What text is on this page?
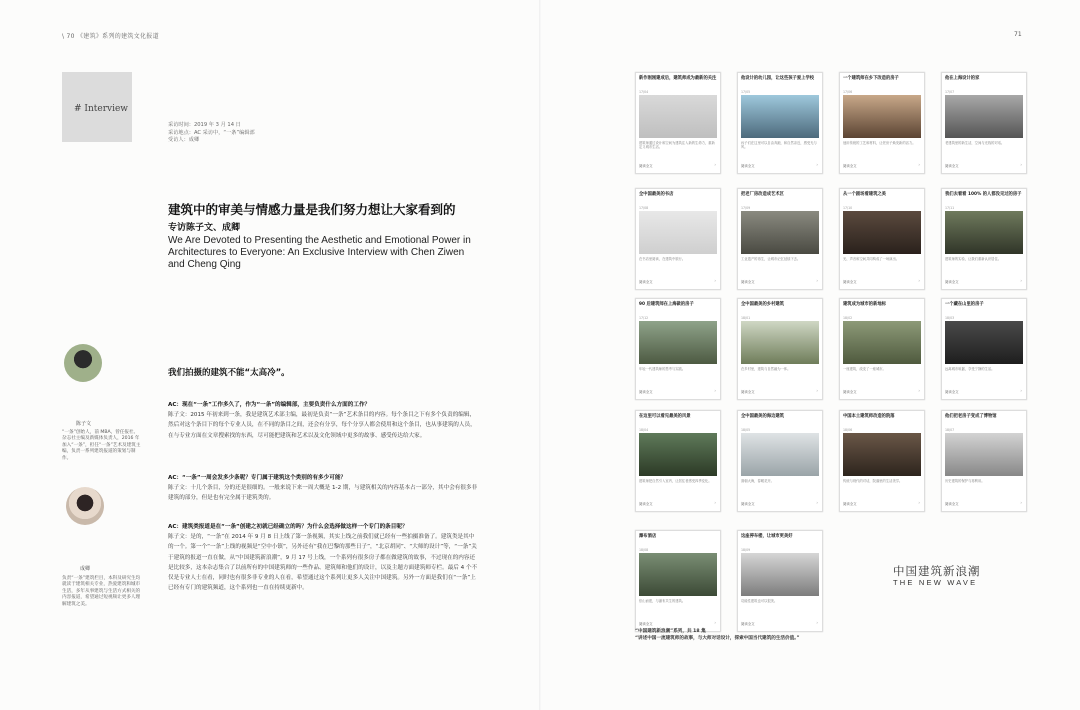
\ 70 《建筑》系列的建筑文化报道
# Interview
采访时间：2019 年 3 月 14 日
采访地点：AC 采访中，“一条”编辑部
受访人：成卿
建筑中的审美与情感力量是我们努力想让大家看到的
专访陈子文、成卿
We Are Devoted to Presenting the Aesthetic and Emotional Power in Architectures to Everyone: An Exclusive Interview with Chen Ziwen and Cheng Qing
陈子文
“一条”创始人，前 MBA，曾任报社、杂志社主编及新媒体负责人，2016 年加入“一条”，担任“一条”艺术及建筑主编，负责一系列建筑报道的策划与制作。
成卿
负责“一条”建筑栏目，本科及研究生均就读于建筑相关专业，热爱建筑和城市生活，多年从事建筑与生活方式相关的内容报道，希望通过短视频让更多人理解建筑之美。
我们拍摄的建筑不能“太高冷”。

AC：现在“一条”工作多久了，作为“一条”的编辑部，主要负责什么方面的工作？

陈子文：2015 年初来到一条，我是建筑艺术部主编，最初是负责“一条”艺术条目的内容。每个条目之下有多个负责的编辑，然后对这个条目下的每个专业人员，在不同的条目之间，还会有分享，每个分享人都会使用和这个条目，也从事建筑的人员，在与专业方面在文章搜索找的东西，尽可能把建筑和艺术以及文化领域中更多的故事、感受传达给大家。

AC：“一条”一周会发多少条呢？专门属于建筑这个类别的有多少可能？

陈子文：十几个条目，分的还是很细的。一般来说下来一周大概是 1-2 期，与建筑相关的内容基本占一部分，其中会有很多非建筑的部分，但是也有完全属于建筑类的。

AC：建筑类报道是在“一条”创建之初就已经确立的吗？为什么会选择做这样一个专门的条目呢？

陈子文：是的，“一条”在 2014 年 9 月 8 日上线了第一条视频，其实上线之前我们就已经有一些拍摄准备了。建筑类是其中的一个。第一个“一条”上线的视频是“空中小镇”，另外还有“我在巴黎的那些日子”，“北京胡同”、“大师的设计”等，“一条”关于建筑的报道一直在做，从“中国建筑新浪潮”，9 月 17 号上线，一个系列有很多房子都在做建筑的故事，不过现在的内容还是比较多，这本杂志集合了以前所有的中国建筑师的一些作品、建筑师和他们的设计，以及主题方面建筑师专栏。最后 4 个不仅是专业人士在看，同时也有很多非专业的人在看，希望通过这个系列让更多人关注中国建筑。另外一方面是我们在“一条”上已经有专门的建筑频道，这个系列也一直在持续更新中。

71
新作刚刚建成后，建筑师成为最新的关注
17/04
建筑师通过设计和空间为建筑注入新的生命力，重新定义城市生活。
阅读全文	›
他设计的幼儿园，让这些孩子爱上学校
17/05
孩子们在这里可以自由奔跑，和自然亲近，感受光与风。
阅读全文	›
一个建筑师在乡下改造的房子
17/06
他用传统的工艺和材料，让老房子焕发新的活力。
阅读全文	›
他在上海设计的家
17/07
老建筑里的新生活，空间与光线的对话。
阅读全文	›
全中国最美的书店
17/08
在书店里阅读，在建筑中旅行。
阅读全文	›
把老厂房改造成艺术区
17/09
工业遗产的再生，让城市记忆延续下去。
阅读全文	›
从一个剧场看建筑之美
17/10
光、声音和空间共同构成了一场演出。
阅读全文	›
我们去看看 100% 的人都没见过的房子
17/11
建筑师的实验，让我们重新认识居住。
阅读全文	›
90 后建筑师在上海做的房子
17/12
年轻一代建筑师的思考与实践。
阅读全文	›
全中国最美的乡村建筑
18/01
在乡村里，建筑与自然融为一体。
阅读全文	›
建筑成为城市的新地标
18/02
一座建筑，改变了一座城市。
阅读全文	›
一个藏在山里的房子
18/03
远离城市喧嚣，享受宁静的生活。
阅读全文	›
在这里可以看见最美的风景
18/04
建筑师把自然引入室内，让居住者感受四季变化。
阅读全文	›
全中国最美的海边建筑
18/05
面朝大海，春暖花开。
阅读全文	›
中国本土建筑师改造的院落
18/06
传统与现代的对话，院落里的生活美学。
阅读全文	›
他们把老房子变成了博物馆
18/07
历史建筑的保护与再利用。
阅读全文	›
瀑布酒店
18/08
依山而建，与瀑布共生的建筑。
阅读全文	›
这座停车楼，让城市更美好
18/09
功能性建筑也可以很美。
阅读全文	›
中国建筑新浪潮
THE NEW WAVE
“中国建筑新浪潮”系列，共 18 集
“讲述中国一流建筑师的故事，与大师对话设计，探索中国当代建筑的生活价值。”
